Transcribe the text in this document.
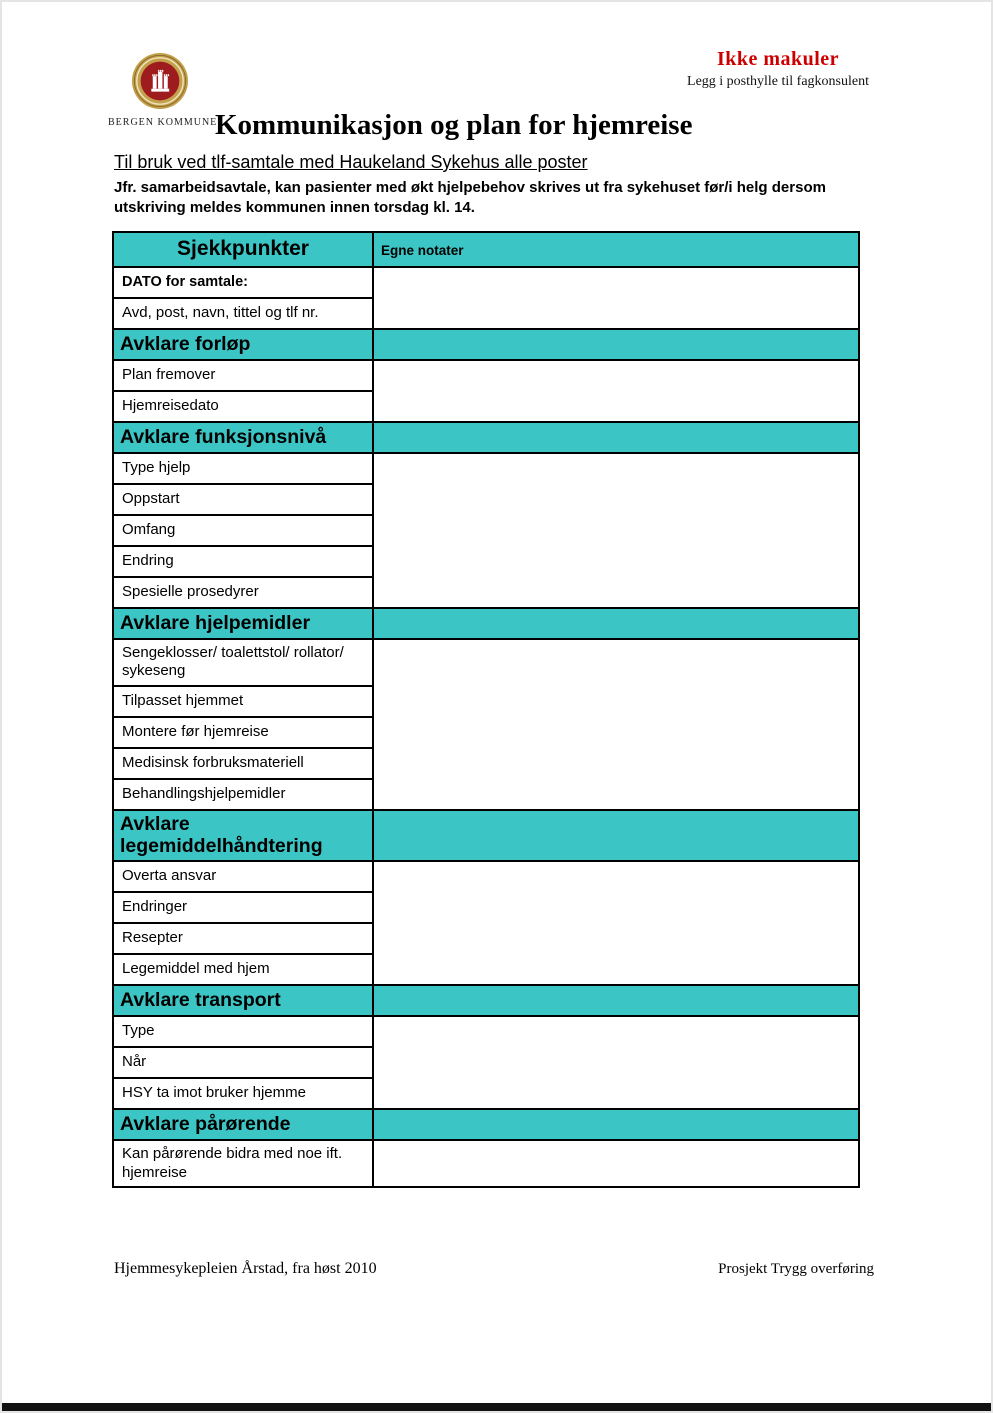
Ikke makuler
Legg i posthylle til fagkonsulent
BERGEN KOMMUNE
Kommunikasjon og plan for hjemreise
Til bruk ved tlf-samtale med Haukeland Sykehus alle poster
Jfr. samarbeidsavtale, kan pasienter med økt hjelpebehov skrives ut fra sykehuset før/i helg dersom utskriving meldes kommunen innen torsdag kl. 14.
Sjekkpunkter	Egne notater
DATO for samtale:	
Avd, post, navn, tittel og tlf nr.	
Avklare forløp	
Plan fremover	
Hjemreisedato	
Avklare funksjonsnivå	
Type hjelp	
Oppstart	
Omfang	
Endring	
Spesielle prosedyrer	
Avklare hjelpemidler	
Sengeklosser/ toalettstol/ rollator/ sykeseng	
Tilpasset hjemmet	
Montere før hjemreise	
Medisinsk forbruksmateriell	
Behandlingshjelpemidler	
Avklare legemiddelhåndtering	
Overta ansvar	
Endringer	
Resepter	
Legemiddel med hjem	
Avklare transport	
Type	
Når	
HSY ta imot bruker hjemme	
Avklare pårørende	
Kan pårørende bidra med noe ift. hjemreise	
Hjemmesykepleien Årstad, fra høst 2010	Prosjekt Trygg overføring
